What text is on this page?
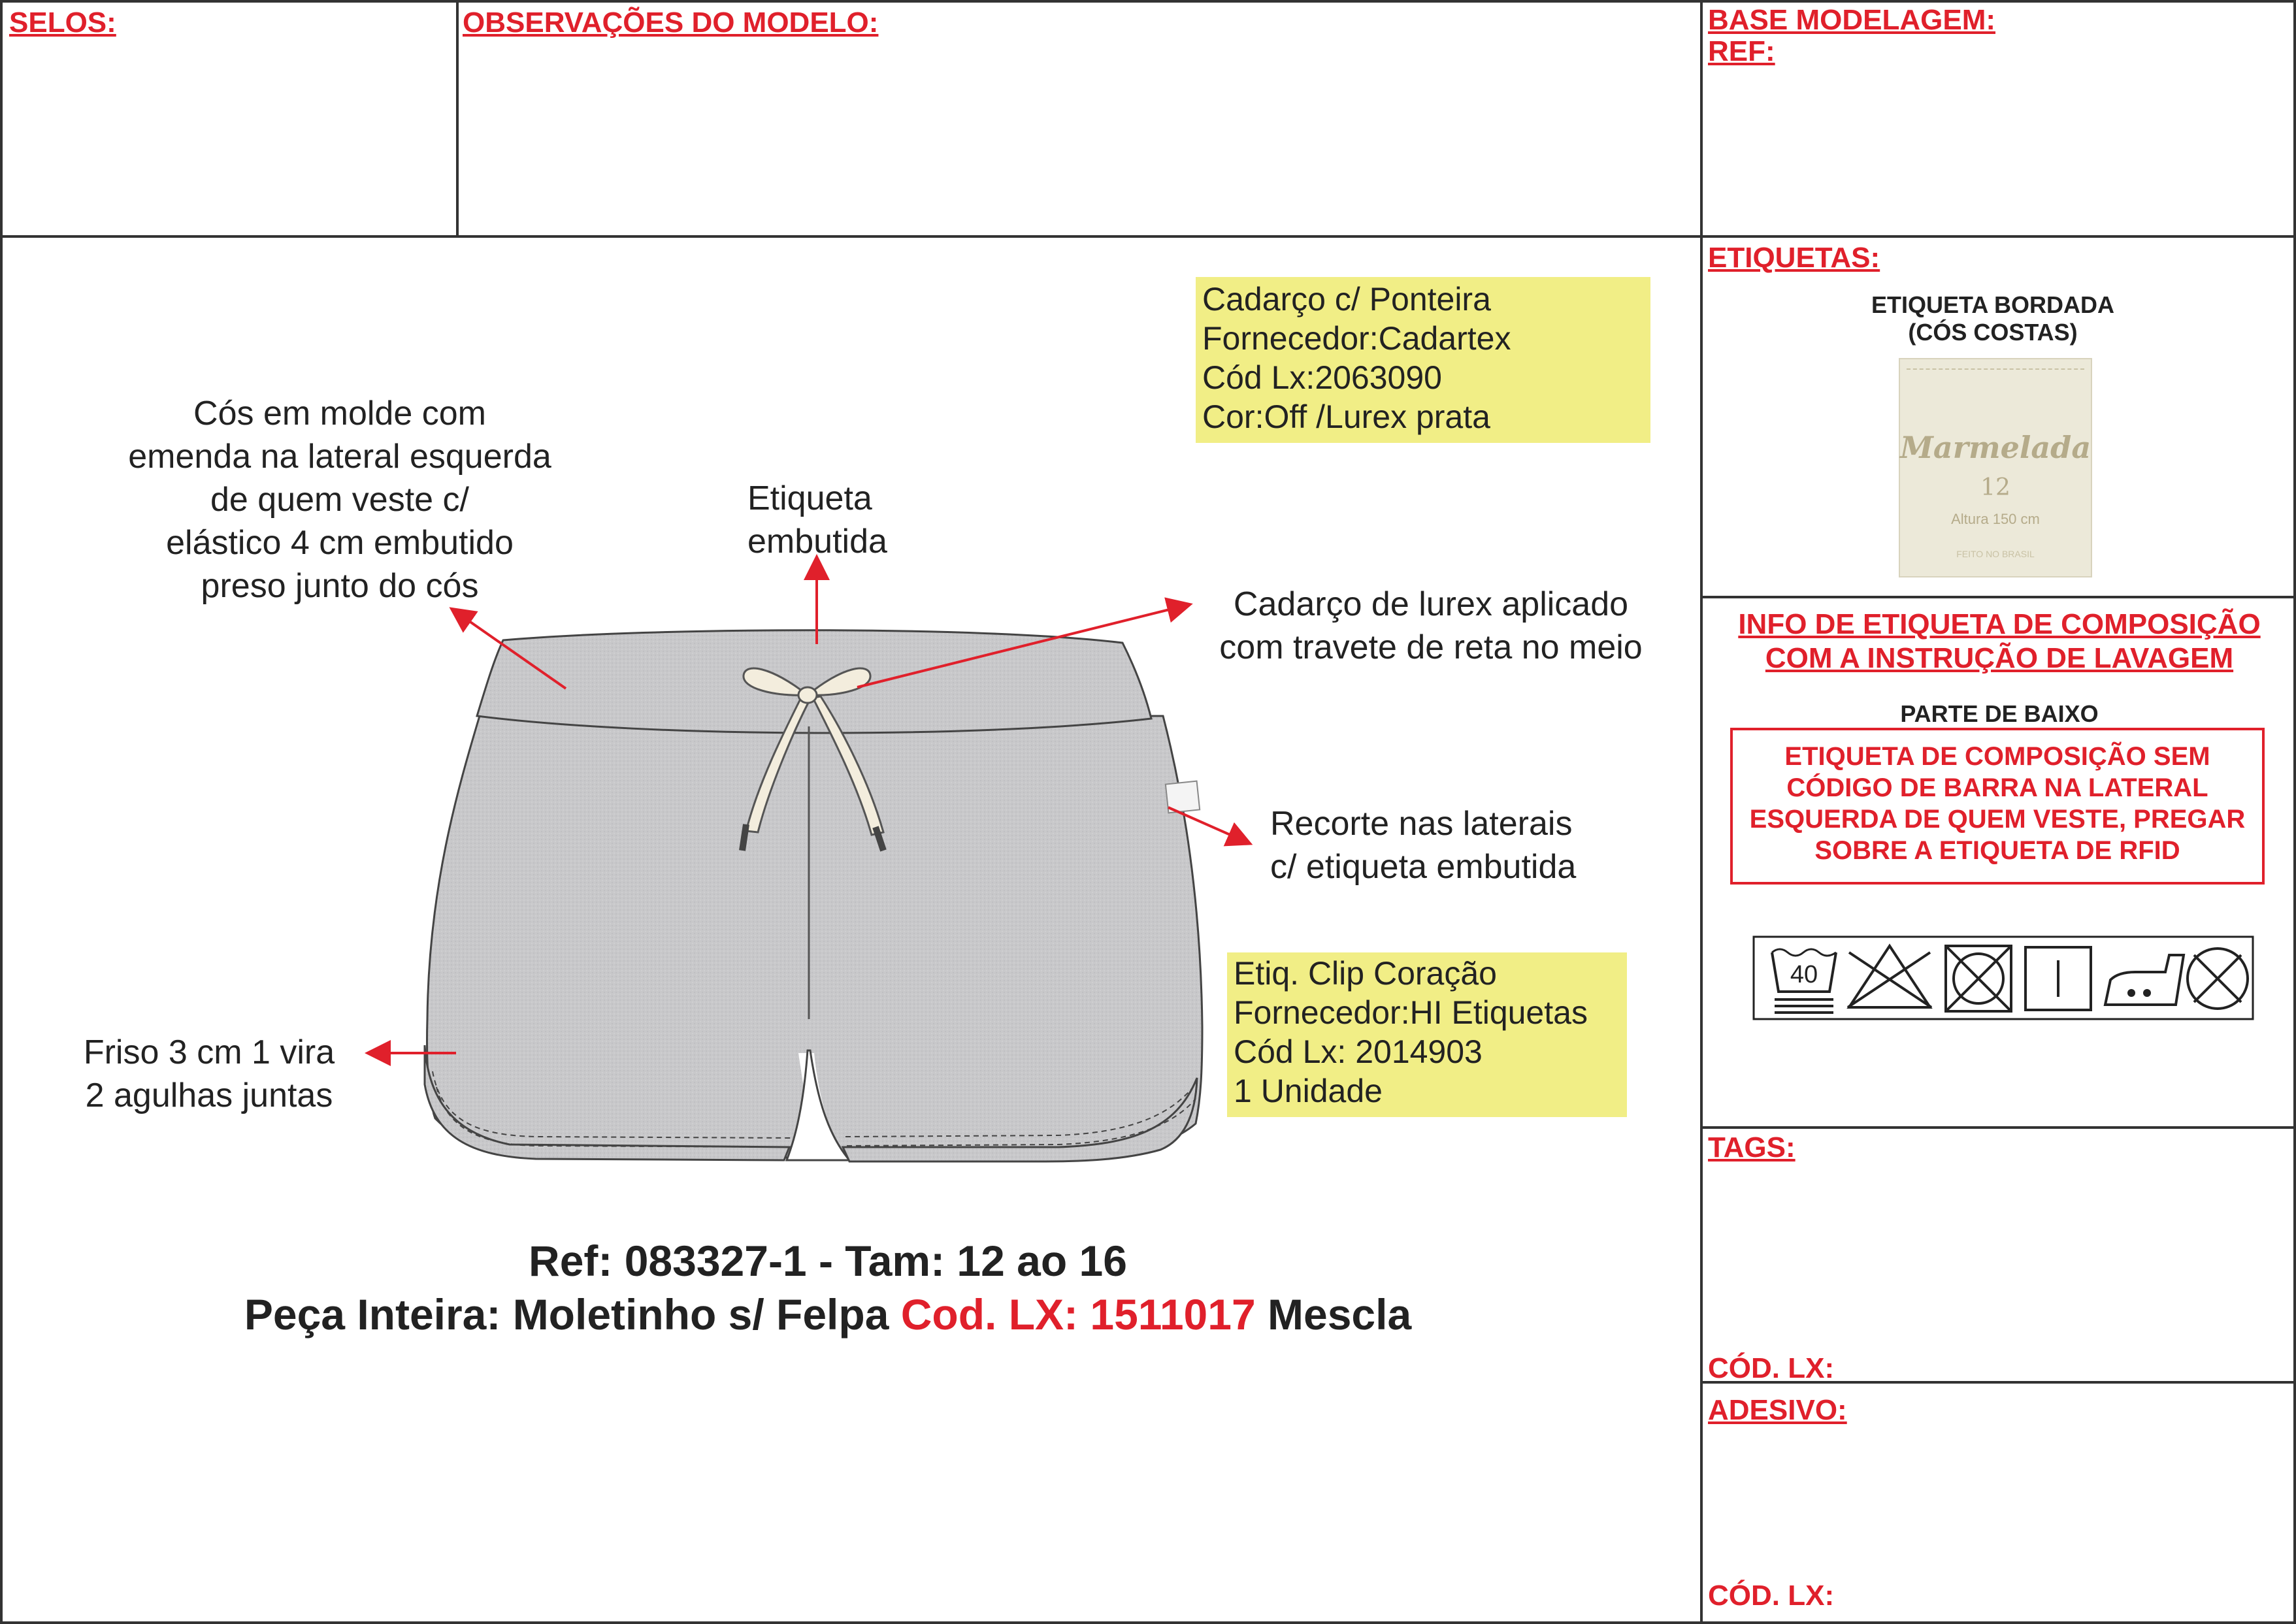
SELOS:	OBSERVAÇÕES DO MODELO:	BASE MODELAGEM:
REF:
ETIQUETAS:
ETIQUETA BORDADA
(CÓS COSTAS)
Marmelada
12
Altura 150 cm
FEITO NO BRASIL
INFO DE ETIQUETA DE COMPOSIÇÃO
COM A INSTRUÇÃO DE LAVAGEM
PARTE DE BAIXO
ETIQUETA DE COMPOSIÇÃO SEM
CÓDIGO DE BARRA NA LATERAL
ESQUERDA DE QUEM VESTE, PREGAR
SOBRE A ETIQUETA DE RFID
40
TAGS:
CÓD. LX:
ADESIVO:
CÓD. LX:
Cós em molde com
emenda na lateral esquerda
de quem veste c/
elástico 4 cm embutido
preso junto do cós
Etiqueta
embutida
Cadarço c/ Ponteira
Fornecedor:Cadartex
Cód Lx:2063090
Cor:Off /Lurex prata
Cadarço de lurex aplicado
com travete de reta no meio
Recorte nas laterais
c/ etiqueta embutida
Etiq. Clip Coração
Fornecedor:HI Etiquetas
Cód Lx: 2014903
1 Unidade
Friso 3 cm 1 vira
2 agulhas juntas
Ref: 083327-1 - Tam: 12 ao 16
Peça Inteira: Moletinho s/ Felpa Cod. LX: 1511017 Mescla
